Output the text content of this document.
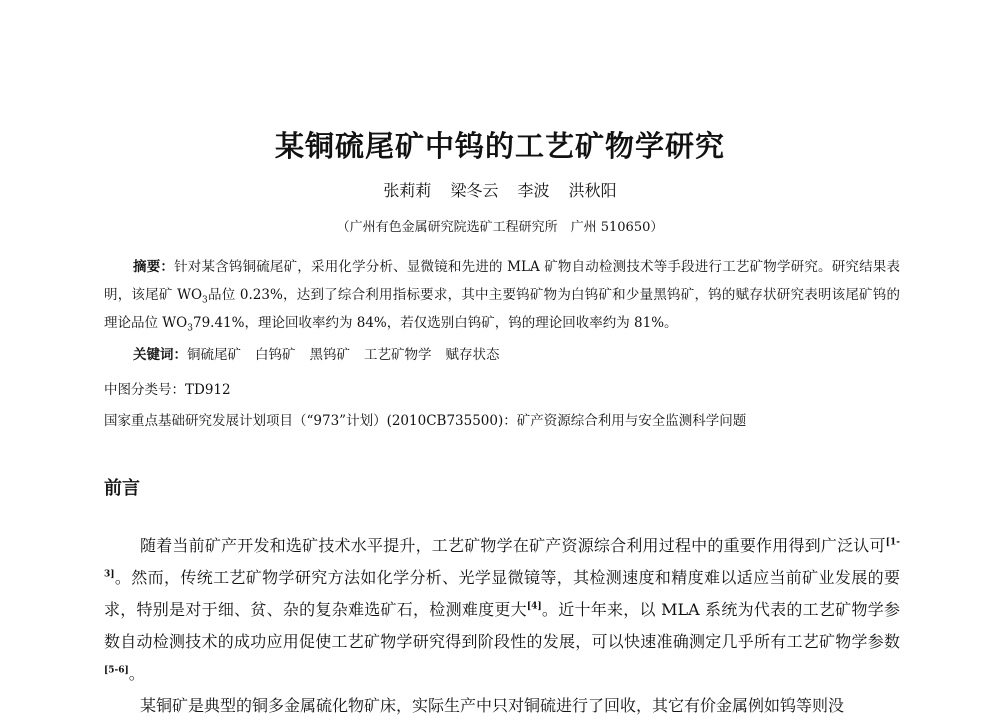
某铜硫尾矿中钨的工艺矿物学研究
张莉莉 梁冬云 李波 洪秋阳
（广州有色金属研究院选矿工程研究所　广州 510650）
摘要：针对某含钨铜硫尾矿，采用化学分析、显微镜和先进的 MLA 矿物自动检测技术等手段进行工艺矿物学研究。研究结果表明，该尾矿 $WO_3$品位 0.23%，达到了综合利用指标要求，其中主要钨矿物为白钨矿和少量黑钨矿，钨的赋存状研究表明该尾矿钨的理论品位 $WO_379.41\%$，理论回收率约为 84%，若仅选别白钨矿，钨的理论回收率约为 81%。
关键词：铜硫尾矿 白钨矿 黑钨矿 工艺矿物学 赋存状态
中图分类号：TD912
国家重点基础研究发展计划项目（“973”计划）(2010CB735500)：矿产资源综合利用与安全监测科学问题
前言

随着当前矿产开发和选矿技术水平提升，工艺矿物学在矿产资源综合利用过程中的重要作用得到广泛认可[1-3]。然而，传统工艺矿物学研究方法如化学分析、光学显微镜等，其检测速度和精度难以适应当前矿业发展的要求，特别是对于细、贫、杂的复杂难选矿石，检测难度更大[4]。近十年来，以 MLA 系统为代表的工艺矿物学参数自动检测技术的成功应用促使工艺矿物学研究得到阶段性的发展，可以快速准确测定几乎所有工艺矿物学参数[5-6]。

某铜矿是典型的铜多金属硫化物矿床，实际生产中只对铜硫进行了回收，其它有价金属例如钨等则没
